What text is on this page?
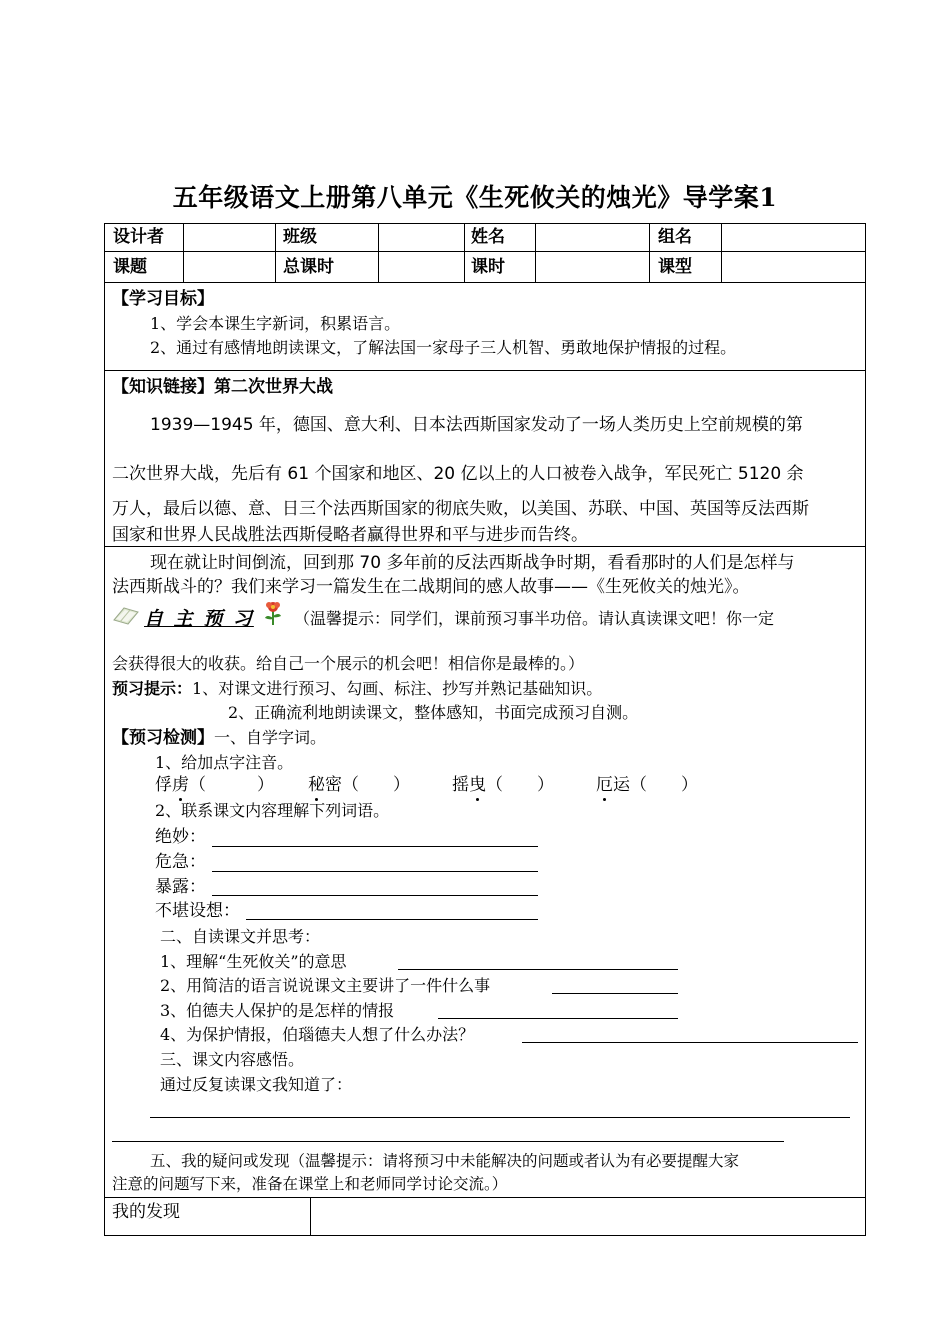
五年级语文上册第八单元《生死攸关的烛光》导学案1
设计者	班级	姓名	组名
课题	总课时	课时	课型
【学习目标】
1、学会本课生字新词，积累语言。
2、通过有感情地朗读课文，了解法国一家母子三人机智、勇敢地保护情报的过程。
【知识链接】第二次世界大战
1939—1945 年，德国、意大利、日本法西斯国家发动了一场人类历史上空前规模的第
二次世界大战，先后有 61 个国家和地区、20 亿以上的人口被卷入战争，军民死亡 5120 余
万人，最后以德、意、日三个法西斯国家的彻底失败，以美国、苏联、中国、英国等反法西斯
国家和世界人民战胜法西斯侵略者赢得世界和平与进步而告终。
现在就让时间倒流，回到那 70 多年前的反法西斯战争时期，看看那时的人们是怎样与
法西斯战斗的？我们来学习一篇发生在二战期间的感人故事——《生死攸关的烛光》。
自 主 预 习	（温馨提示：同学们，课前预习事半功倍。请认真读课文吧！你一定
会获得很大的收获。给自己一个展示的机会吧！相信你是最棒的。）
预习提示：1、对课文进行预习、勾画、标注、抄写并熟记基础知识。
2、正确流利地朗读课文，整体感知，书面完成预习自测。
【预习检测】一、自学字词。
1、给加点字注音。
俘虏（　　　） 秘密（　　） 摇曳（　　） 厄运（　　）
2、联系课文内容理解下列词语。
绝妙：
危急：
暴露：
不堪设想：
二、自读课文并思考：
1、理解“生死攸关”的意思
2、用简洁的语言说说课文主要讲了一件什么事
3、伯德夫人保护的是怎样的情报
4、为保护情报，伯瑙德夫人想了什么办法？
三、课文内容感悟。
通过反复读课文我知道了：
五、我的疑问或发现（温馨提示：请将预习中未能解决的问题或者认为有必要提醒大家
注意的问题写下来，准备在课堂上和老师同学讨论交流。）
我的发现
